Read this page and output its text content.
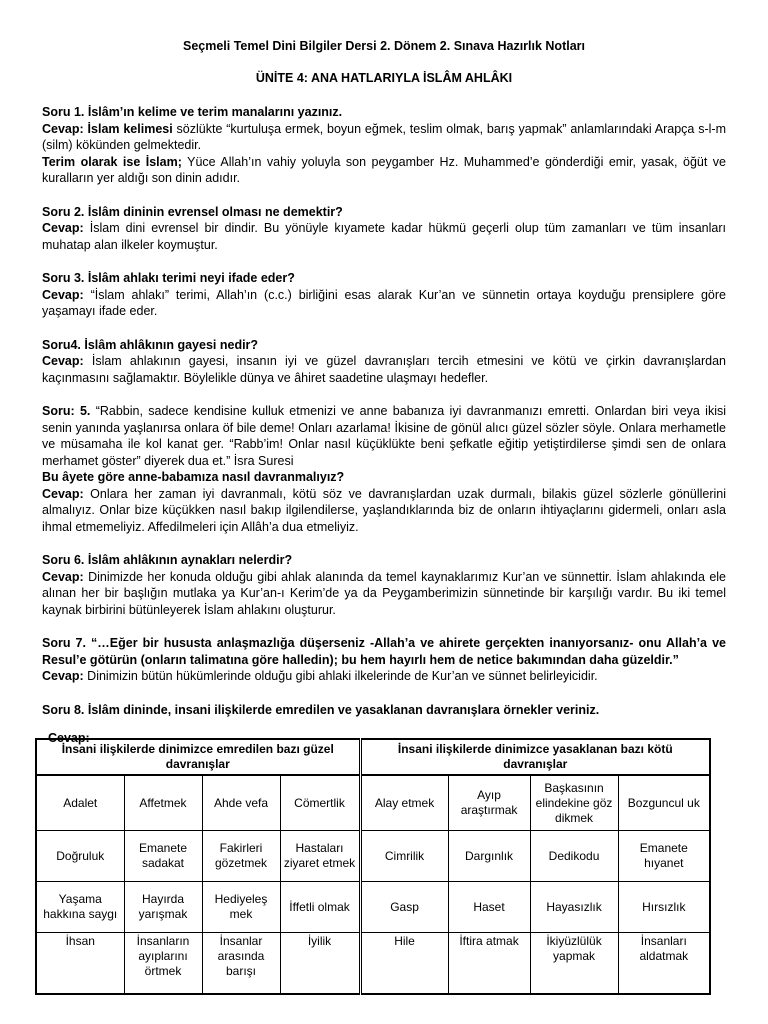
Seçmeli Temel Dini Bilgiler Dersi 2. Dönem 2. Sınava Hazırlık Notları
ÜNİTE 4: ANA HATLARIYLA İSLÂM AHLÂKI

Soru 1. İslâm’ın kelime ve terim manalarını yazınız.

Cevap: İslam kelimesi sözlükte “kurtuluşa ermek, boyun eğmek, teslim olmak, barış yapmak” anlamlarındaki Arapça s-l-m (silm) kökünden gelmektedir.

Terim olarak ise İslam; Yüce Allah’ın vahiy yoluyla son peygamber Hz. Muhammed’e gönderdiği emir, yasak, öğüt ve kuralların yer aldığı son dinin adıdır.

Soru 2. İslâm dininin evrensel olması ne demektir?

Cevap: İslam dini evrensel bir dindir. Bu yönüyle kıyamete kadar hükmü geçerli olup tüm zamanları ve tüm insanları muhatap alan ilkeler koymuştur.

Soru 3. İslâm ahlakı terimi neyi ifade eder?

Cevap: “İslam ahlakı” terimi, Allah’ın (c.c.) birliğini esas alarak Kur’an ve sünnetin ortaya koyduğu prensiplere göre yaşamayı ifade eder.

Soru4. İslâm ahlâkının gayesi nedir?

Cevap: İslam ahlakının gayesi, insanın iyi ve güzel davranışları tercih etmesini ve kötü ve çirkin davranışlardan kaçınmasını sağlamaktır. Böylelikle dünya ve âhiret saadetine ulaşmayı hedefler.

Soru: 5. “Rabbin, sadece kendisine kulluk etmenizi ve anne babanıza iyi davranmanızı emretti. Onlardan biri veya ikisi senin yanında yaşlanırsa onlara öf bile deme! Onları azarlama! İkisine de gönül alıcı güzel sözler söyle. Onlara merhametle ve müsamaha ile kol kanat ger. “Rabb’im! Onlar nasıl küçüklükte beni şefkatle eğitip yetiştirdilerse şimdi sen de onlara merhamet göster” diyerek dua et.” İsra Suresi

Bu âyete göre anne-babamıza nasıl davranmalıyız?

Cevap: Onlara her zaman iyi davranmalı, kötü söz ve davranışlardan uzak durmalı, bilakis güzel sözlerle gönüllerini almalıyız. Onlar bize küçükken nasıl bakıp ilgilendilerse, yaşlandıklarında biz de onların ihtiyaçlarını gidermeli, onları asla ihmal etmemeliyiz. Affedilmeleri için Allâh’a dua etmeliyiz.

Soru 6. İslâm ahlâkının aynakları nelerdir?

Cevap: Dinimizde her konuda olduğu gibi ahlak alanında da temel kaynaklarımız Kur’an ve sünnettir. İslam ahlakında ele alınan her bir başlığın mutlaka ya Kur’an-ı Kerim’de ya da Peygamberimizin sünnetinde bir karşılığı vardır. Bu iki temel kaynak birbirini bütünleyerek İslam ahlakını oluşturur.

Soru 7. “…Eğer bir hususta anlaşmazlığa düşerseniz -Allah’a ve ahirete gerçekten inanıyorsanız- onu Allah’a ve Resul’e götürün (onların talimatına göre halledin); bu hem hayırlı hem de netice bakımından daha güzeldir.”

Cevap: Dinimizin bütün hükümlerinde olduğu gibi ahlaki ilkelerinde de Kur’an ve sünnet belirleyicidir.

Soru 8. İslâm dininde, insani ilişkilerde emredilen ve yasaklanan davranışlara örnekler veriniz.

Cevap:
İnsani ilişkilerde dinimizce emredilen bazı güzel davranışlar				İnsani ilişkilerde dinimizce yasaklanan bazı kötü davranışlar			
Adalet	Affetmek	Ahde vefa	Cömertlik	Alay etmek	Ayıp araştırmak	Başkasının elindekine göz dikmek	Bozguncul uk
Doğruluk	Emanete sadakat	Fakirleri gözetmek	Hastaları ziyaret etmek	Cimrilik	Dargınlık	Dedikodu	Emanete hıyanet
Yaşama hakkına saygı	Hayırda yarışmak	Hediyeleş mek	İffetli olmak	Gasp	Haset	Hayasızlık	Hırsızlık
İhsan	İnsanların ayıplarını örtmek	İnsanlar arasında barışı	İyilik	Hile	İftira atmak	İkiyüzlülük yapmak	İnsanları aldatmak
